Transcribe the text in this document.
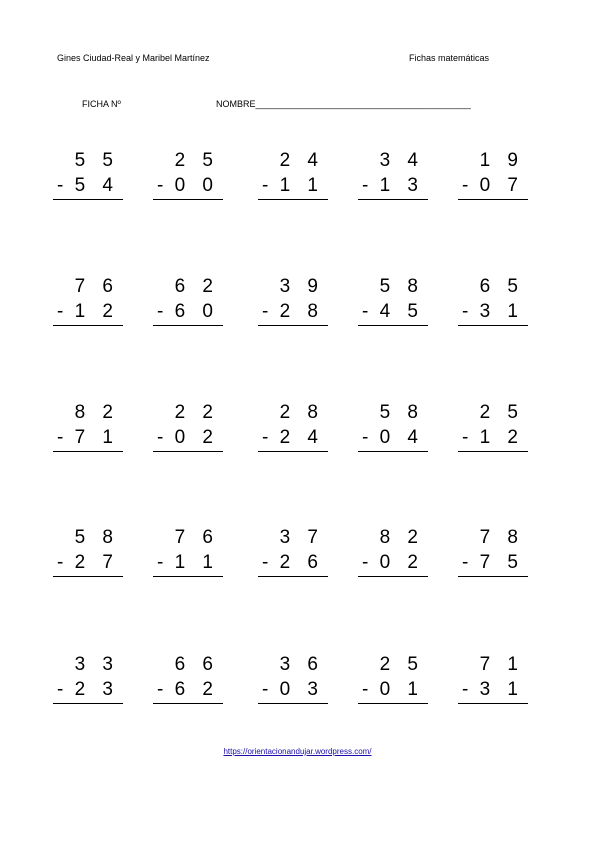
Gines Ciudad-Real y Maribel Martínez	Fichas matemáticas
FICHA Nº	NOMBRE___________________________________________
5 5
- 5 4
2 5
- 0 0
2 4
- 1 1
3 4
- 1 3
1 9
- 0 7
7 6
- 1 2
6 2
- 6 0
3 9
- 2 8
5 8
- 4 5
6 5
- 3 1
8 2
- 7 1
2 2
- 0 2
2 8
- 2 4
5 8
- 0 4
2 5
- 1 2
5 8
- 2 7
7 6
- 1 1
3 7
- 2 6
8 2
- 0 2
7 8
- 7 5
3 3
- 2 3
6 6
- 6 2
3 6
- 0 3
2 5
- 0 1
7 1
- 3 1
https://orientacionandujar.wordpress.com/
